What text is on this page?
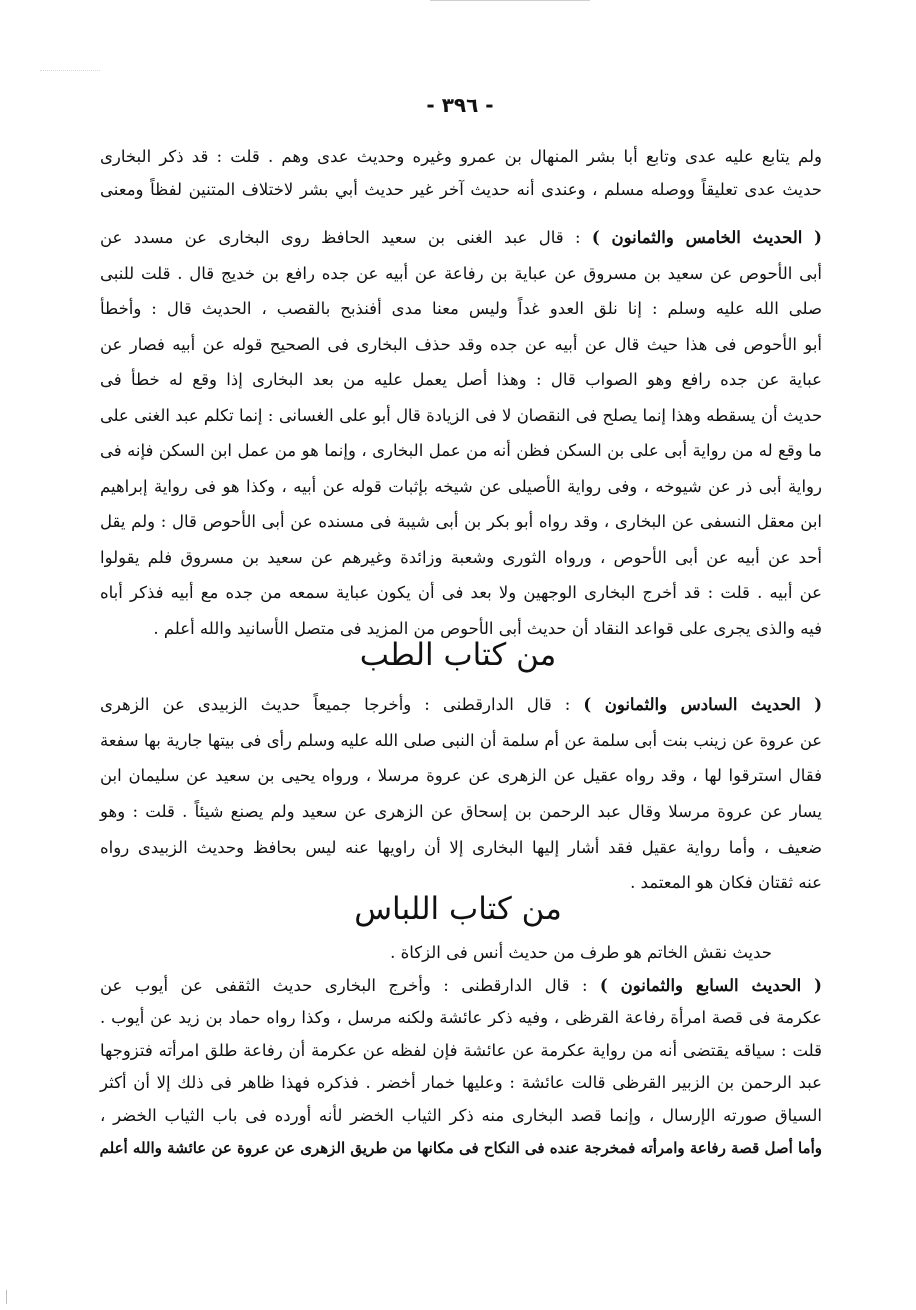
- ٣٩٦ -
ولم يتابع عليه عدى وتابع أبا بشر المنهال بن عمرو وغيره وحديث عدى وهم . قلت : قد ذكر البخارى
حديث عدى تعليقاً ووصله مسلم ، وعندى أنه حديث آخر غير حديث أبي بشر لاختلاف المتنين لفظاً ومعنى
( الحديث الخامس والثمانون ) : قال عبد الغنى بن سعيد الحافظ روى البخارى عن مسدد عن
أبى الأحوص عن سعيد بن مسروق عن عباية بن رفاعة عن أبيه عن جده رافع بن خديج قال . قلت للنبى
صلى الله عليه وسلم : إنا نلق العدو غداً وليس معنا مدى أفنذبح بالقصب ، الحديث قال : وأخطأ
أبو الأحوص فى هذا حيث قال عن أبيه عن جده وقد حذف البخارى فى الصحيح قوله عن أبيه فصار عن
عباية عن جده رافع وهو الصواب قال : وهذا أصل يعمل عليه من بعد البخارى إذا وقع له خطأ فى
حديث أن يسقطه وهذا إنما يصلح فى النقصان لا فى الزيادة قال أبو على الغسانى : إنما تكلم عبد الغنى على
ما وقع له من رواية أبى على بن السكن فظن أنه من عمل البخارى ، وإنما هو من عمل ابن السكن فإنه فى
رواية أبى ذر عن شيوخه ، وفى رواية الأصيلى عن شيخه بإثبات قوله عن أبيه ، وكذا هو فى رواية إبراهيم
ابن معقل النسفى عن البخارى ، وقد رواه أبو بكر بن أبى شيبة فى مسنده عن أبى الأحوص قال : ولم يقل
أحد عن أبيه عن أبى الأحوص ، ورواه الثورى وشعبة وزائدة وغيرهم عن سعيد بن مسروق فلم يقولوا
عن أبيه . قلت : قد أخرج البخارى الوجهين ولا بعد فى أن يكون عباية سمعه من جده مع أبيه فذكر أباه
فيه والذى يجرى على قواعد النقاد أن حديث أبى الأحوص من المزيد فى متصل الأسانيد والله أعلم .
من كتاب الطب
( الحديث السادس والثمانون ) : قال الدارقطنى : وأخرجا جميعاً حديث الزبيدى عن الزهرى
عن عروة عن زينب بنت أبى سلمة عن أم سلمة أن النبى صلى الله عليه وسلم رأى فى بيتها جارية بها سفعة
فقال استرقوا لها ، وقد رواه عقيل عن الزهرى عن عروة مرسلا ، ورواه يحيى بن سعيد عن سليمان ابن
يسار عن عروة مرسلا وقال عبد الرحمن بن إسحاق عن الزهرى عن سعيد ولم يصنع شيئاً . قلت : وهو
ضعيف ، وأما رواية عقيل فقد أشار إليها البخارى إلا أن راويها عنه ليس بحافظ وحديث الزبيدى رواه
عنه ثقتان فكان هو المعتمد .
من كتاب اللباس
حديث نقش الخاتم هو طرف من حديث أنس فى الزكاة .
( الحديث السابع والثمانون ) : قال الدارقطنى : وأخرج البخارى حديث الثقفى عن أيوب عن
عكرمة فى قصة امرأة رفاعة القرظى ، وفيه ذكر عائشة ولكنه مرسل ، وكذا رواه حماد بن زيد عن أيوب .
قلت : سياقه يقتضى أنه من رواية عكرمة عن عائشة فإن لفظه عن عكرمة أن رفاعة طلق امرأته فتزوجها
عبد الرحمن بن الزبير القرظى قالت عائشة : وعليها خمار أخضر . فذكره فهذا ظاهر فى ذلك إلا أن أكثر
السياق صورته الإرسال ، وإنما قصد البخارى منه ذكر الثياب الخضر لأنه أورده فى باب الثياب الخضر ،
وأما أصل قصة رفاعة وامرأته فمخرجة عنده فى النكاح فى مكانها من طريق الزهرى عن عروة عن عائشة والله أعلم
